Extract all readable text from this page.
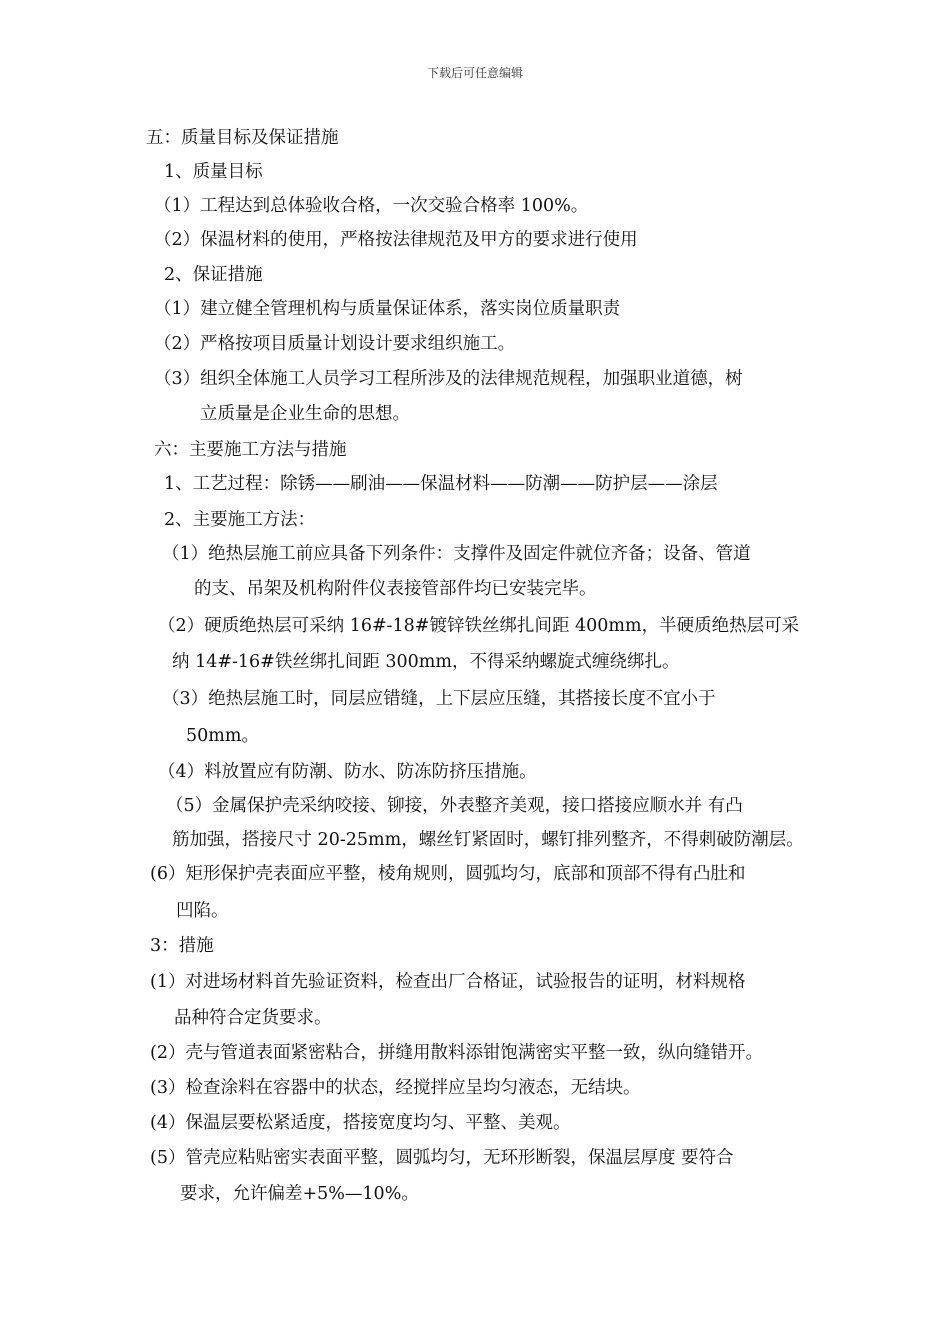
下载后可任意编辑
五：质量目标及保证措施
1、质量目标
（1）工程达到总体验收合格，一次交验合格率 100%。
（2）保温材料的使用，严格按法律规范及甲方的要求进行使用
2、保证措施
（1）建立健全管理机构与质量保证体系，落实岗位质量职责
（2）严格按项目质量计划设计要求组织施工。
（3）组织全体施工人员学习工程所涉及的法律规范规程，加强职业道德，树
立质量是企业生命的思想。
六：主要施工方法与措施
1、工艺过程：除锈——刷油——保温材料——防潮——防护层——涂层
2、主要施工方法：
（1）绝热层施工前应具备下列条件：支撑件及固定件就位齐备；设备、管道
的支、吊架及机构附件仪表接管部件均已安装完毕。
（2）硬质绝热层可采纳 16#-18#镀锌铁丝绑扎间距 400mm，半硬质绝热层可采
纳 14#-16#铁丝绑扎间距 300mm，不得采纳螺旋式缠绕绑扎。
（3）绝热层施工时，同层应错缝，上下层应压缝，其搭接长度不宜小于
50mm。
（4）料放置应有防潮、防水、防冻防挤压措施。
（5）金属保护壳采纳咬接、铆接，外表整齐美观，接口搭接应顺水并 有凸
筋加强，搭接尺寸 20-25mm，螺丝钉紧固时，螺钉排列整齐，不得刺破防潮层。
(6）矩形保护壳表面应平整，棱角规则，圆弧均匀，底部和顶部不得有凸肚和
凹陷。
3：措施
(1）对进场材料首先验证资料，检查出厂合格证，试验报告的证明，材料规格
品种符合定货要求。
(2）壳与管道表面紧密粘合，拼缝用散料添钳饱满密实平整一致，纵向缝错开。
(3）检查涂料在容器中的状态，经搅拌应呈均匀液态，无结块。
(4）保温层要松紧适度，搭接宽度均匀、平整、美观。
(5）管壳应粘贴密实表面平整，圆弧均匀，无环形断裂，保温层厚度 要符合
要求，允许偏差+5%—10%。
